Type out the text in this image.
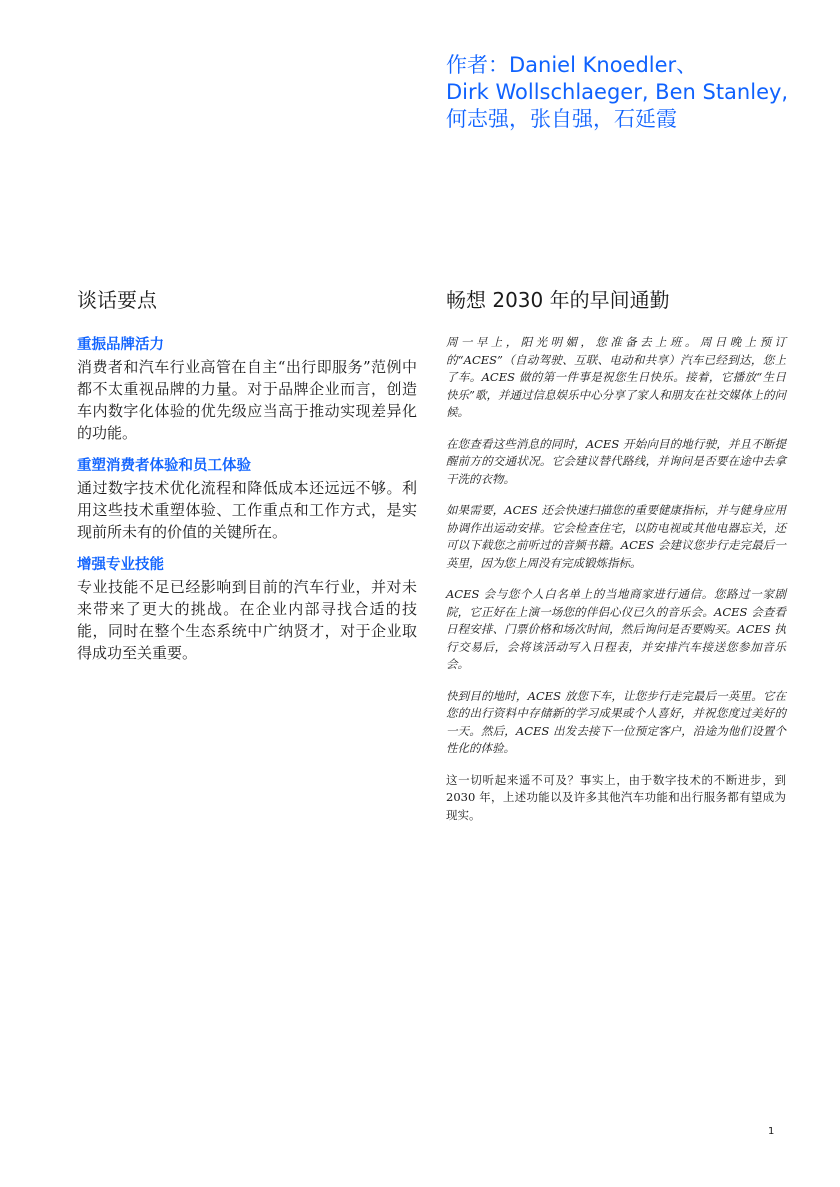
作者：Daniel Knoedler、
Dirk Wollschlaeger, Ben Stanley,
何志强，张自强，石延霞
谈话要点
重振品牌活力

消费者和汽车行业高管在自主“出行即服务”范例中都不太重视品牌的力量。对于品牌企业而言，创造车内数字化体验的优先级应当高于推动实现差异化的功能。

重塑消费者体验和员工体验

通过数字技术优化流程和降低成本还远远不够。利用这些技术重塑体验、工作重点和工作方式，是实现前所未有的价值的关键所在。

增强专业技能

专业技能不足已经影响到目前的汽车行业，并对未来带来了更大的挑战。在企业内部寻找合适的技能，同时在整个生态系统中广纳贤才，对于企业取得成功至关重要。

畅想 2030 年的早间通勤

周一早上，阳光明媚，您准备去上班。周日晚上预订的“ACES”（自动驾驶、互联、电动和共享）汽车已经到达，您上了车。ACES 做的第一件事是祝您生日快乐。接着，它播放“生日快乐”歌，并通过信息娱乐中心分享了家人和朋友在社交媒体上的问候。

在您查看这些消息的同时，ACES 开始向目的地行驶，并且不断提醒前方的交通状况。它会建议替代路线，并询问是否要在途中去拿干洗的衣物。

如果需要，ACES 还会快速扫描您的重要健康指标，并与健身应用协调作出运动安排。它会检查住宅，以防电视或其他电器忘关，还可以下载您之前听过的音频书籍。ACES 会建议您步行走完最后一英里，因为您上周没有完成锻炼指标。

ACES 会与您个人白名单上的当地商家进行通信。您路过一家剧院，它正好在上演一场您的伴侣心仪已久的音乐会。ACES 会查看日程安排、门票价格和场次时间，然后询问是否要购买。ACES 执行交易后，会将该活动写入日程表，并安排汽车接送您参加音乐会。

快到目的地时，ACES 放您下车，让您步行走完最后一英里。它在您的出行资料中存储新的学习成果或个人喜好，并祝您度过美好的一天。然后，ACES 出发去接下一位预定客户，沿途为他们设置个性化的体验。

这一切听起来遥不可及？事实上，由于数字技术的不断进步，到 2030 年，上述功能以及许多其他汽车功能和出行服务都有望成为现实。

1
